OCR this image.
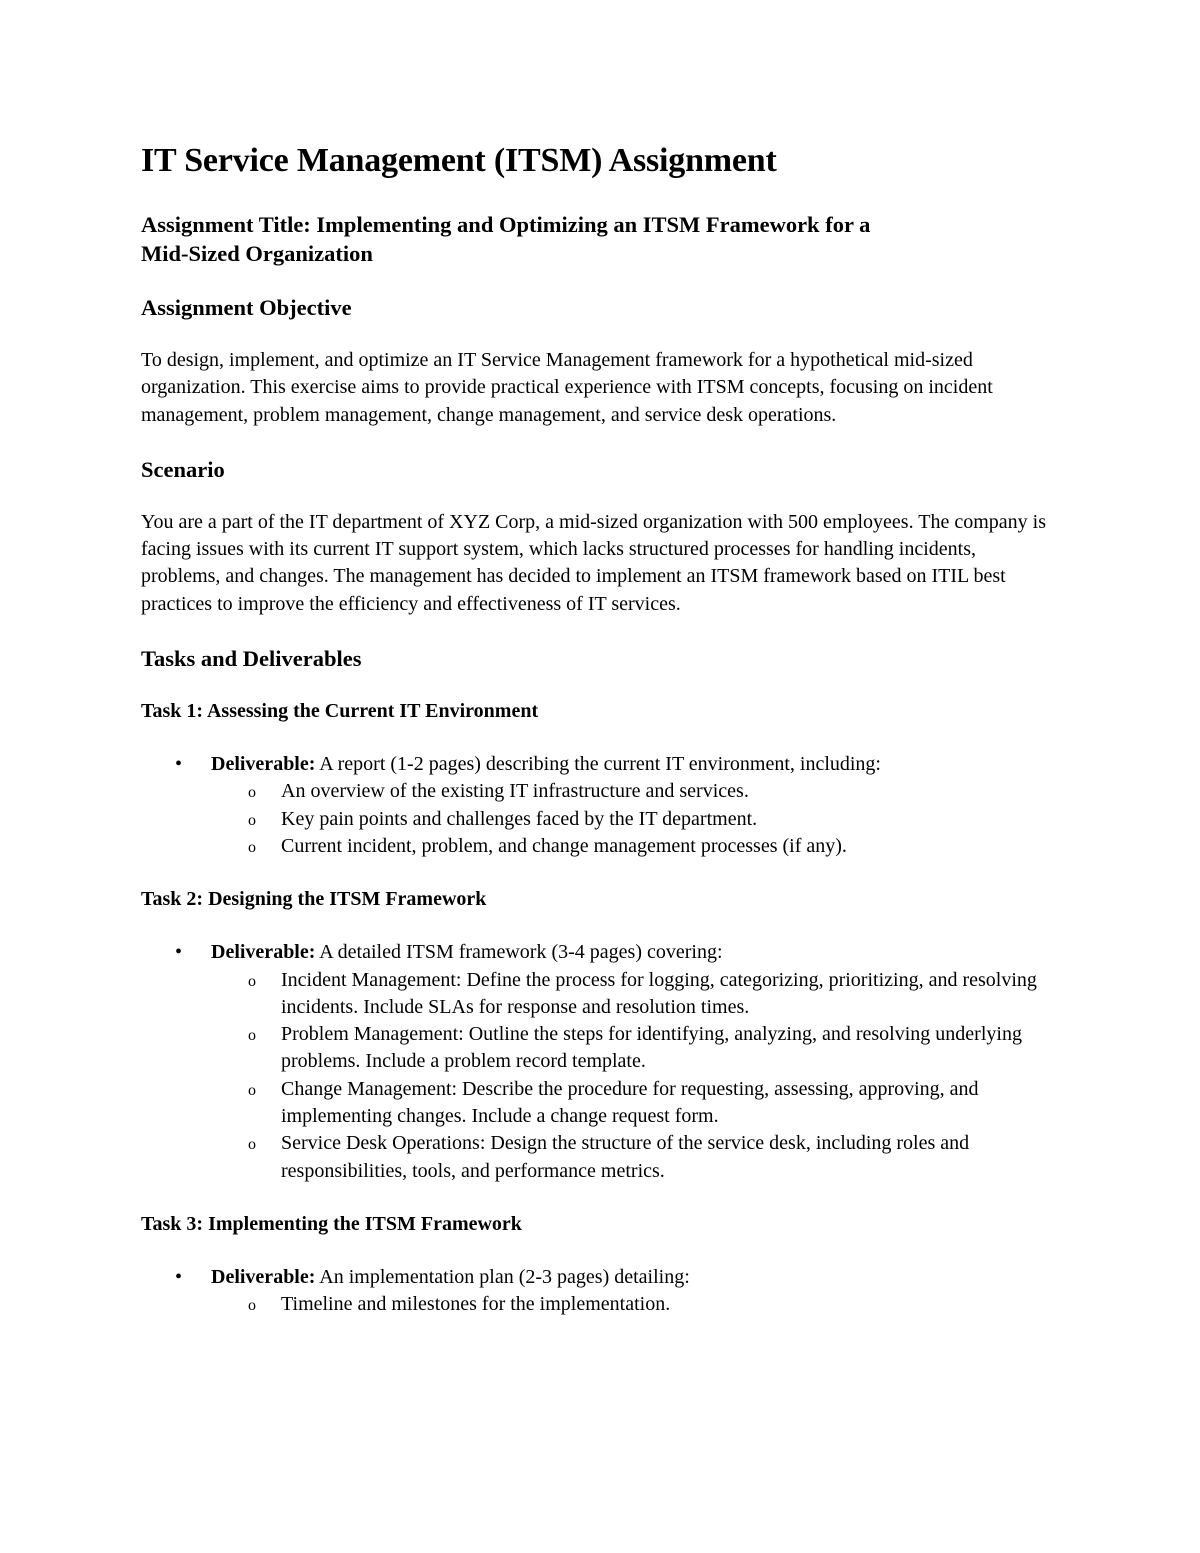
IT Service Management (ITSM) Assignment
Assignment Title: Implementing and Optimizing an ITSM Framework for a
Mid-Sized Organization
Assignment Objective

To design, implement, and optimize an IT Service Management framework for a hypothetical mid-sized organization. This exercise aims to provide practical experience with ITSM concepts, focusing on incident management, problem management, change management, and service desk operations.

Scenario

You are a part of the IT department of XYZ Corp, a mid-sized organization with 500 employees. The company is facing issues with its current IT support system, which lacks structured processes for handling incidents, problems, and changes. The management has decided to implement an ITSM framework based on ITIL best practices to improve the efficiency and effectiveness of IT services.

Tasks and Deliverables
Task 1: Assessing the Current IT Environment
• Deliverable: A report (1-2 pages) describing the current IT environment, including:
o An overview of the existing IT infrastructure and services.
o Key pain points and challenges faced by the IT department.
o Current incident, problem, and change management processes (if any).
Task 2: Designing the ITSM Framework
• Deliverable: A detailed ITSM framework (3-4 pages) covering:
o Incident Management: Define the process for logging, categorizing, prioritizing, and resolving incidents. Include SLAs for response and resolution times.
o Problem Management: Outline the steps for identifying, analyzing, and resolving underlying problems. Include a problem record template.
o Change Management: Describe the procedure for requesting, assessing, approving, and implementing changes. Include a change request form.
o Service Desk Operations: Design the structure of the service desk, including roles and responsibilities, tools, and performance metrics.
Task 3: Implementing the ITSM Framework
• Deliverable: An implementation plan (2-3 pages) detailing:
o Timeline and milestones for the implementation.
